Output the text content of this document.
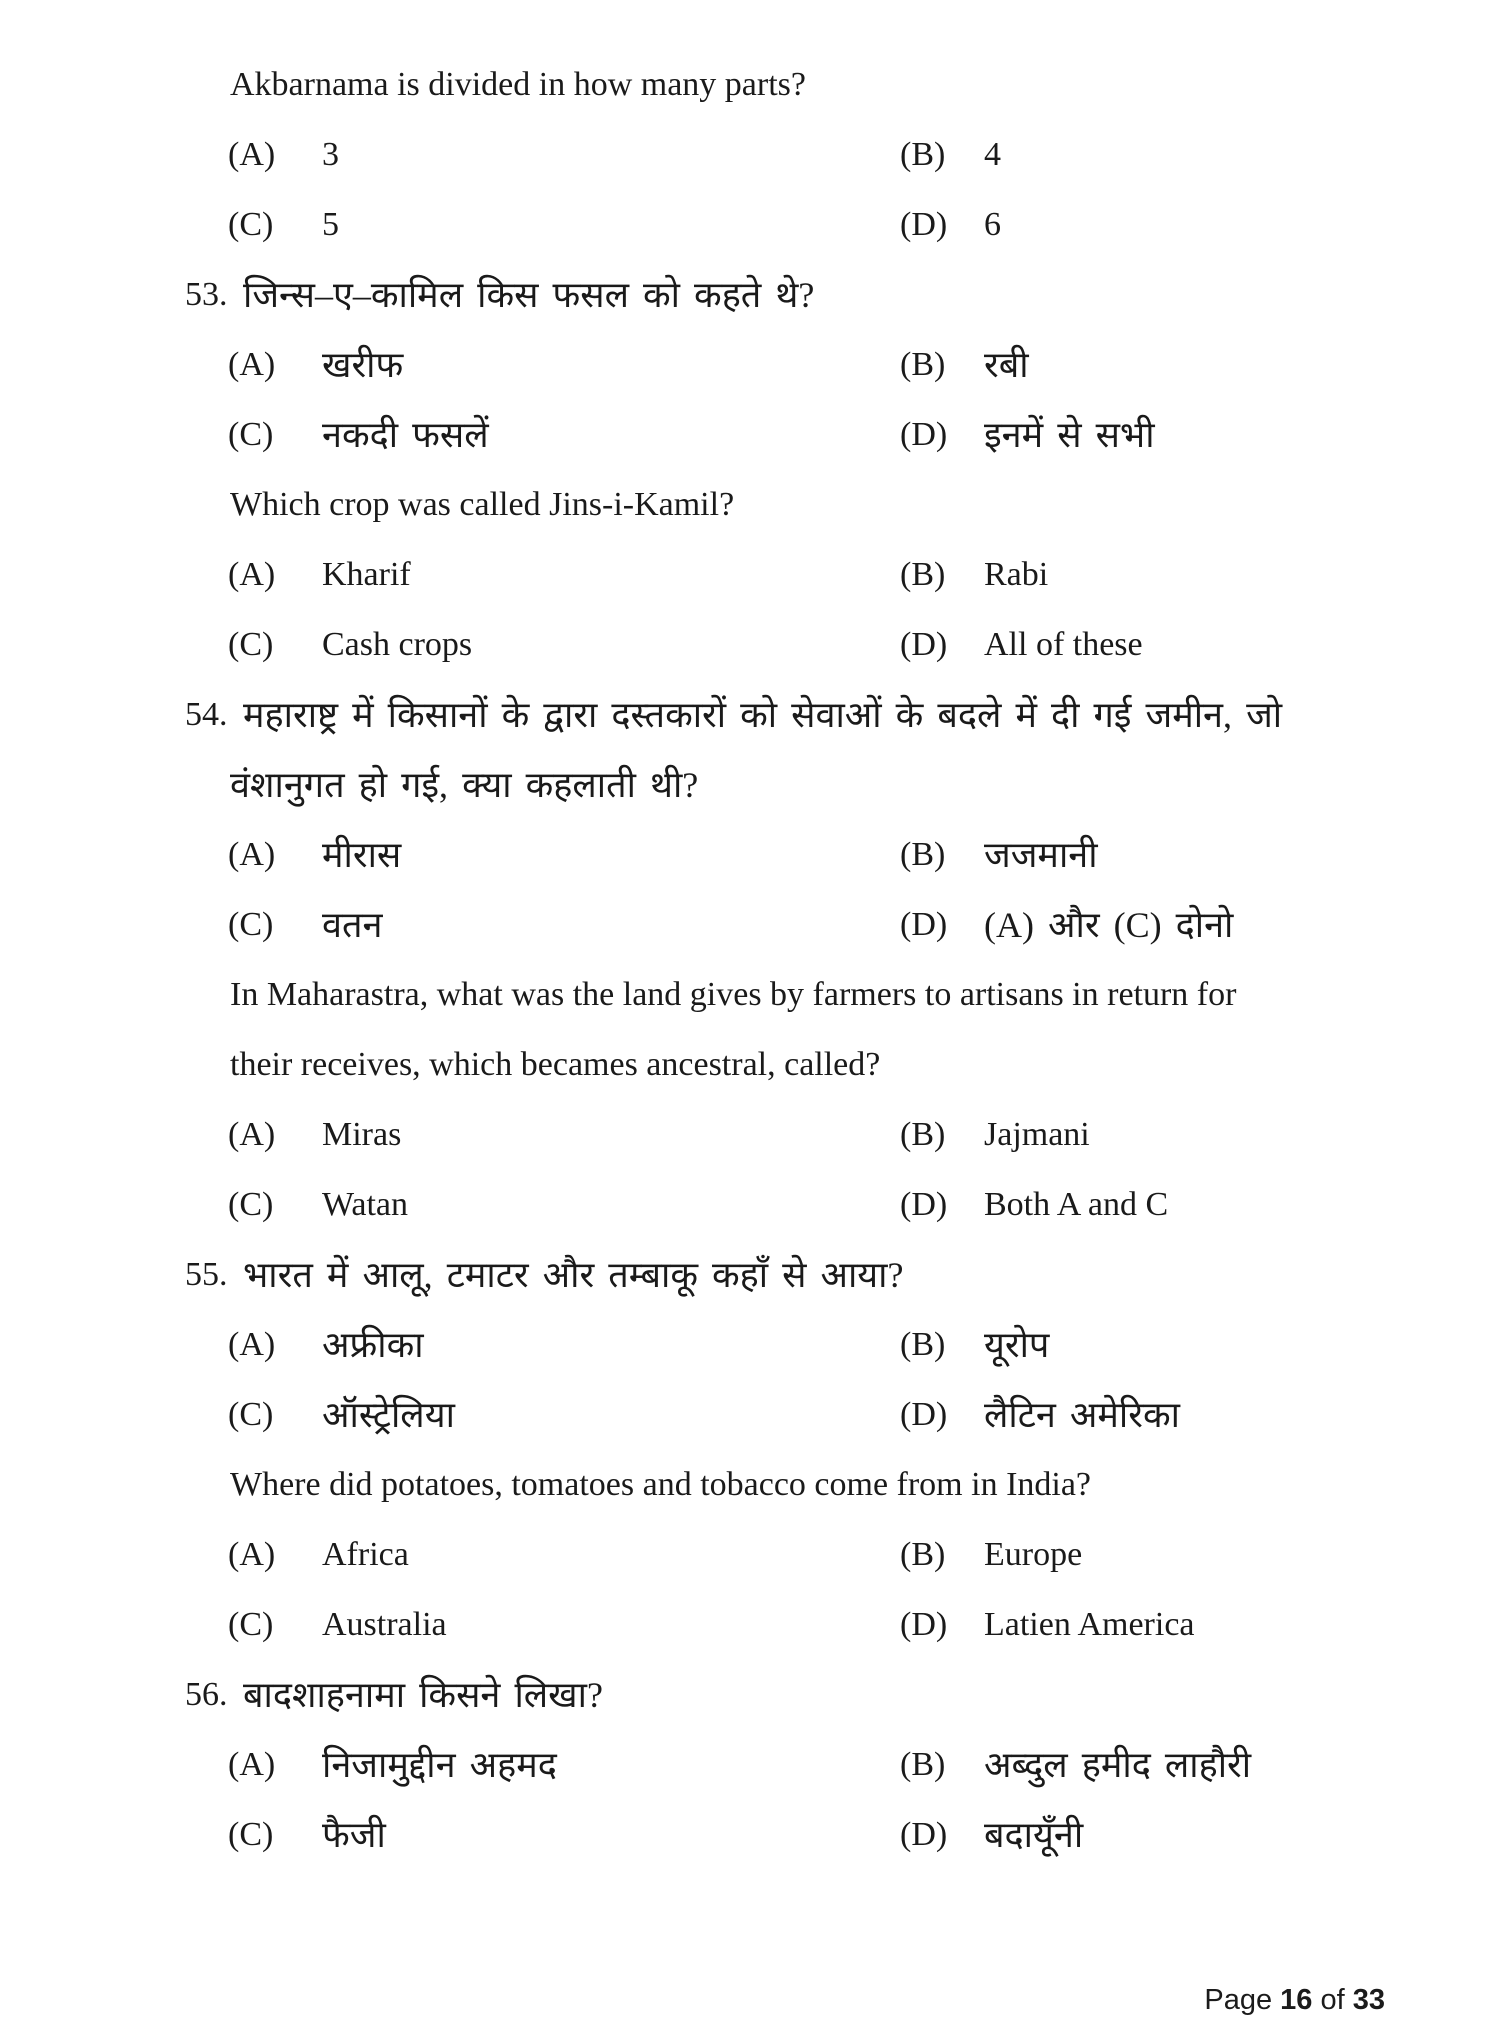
Akbarnama is divided in how many parts?
(A)	3	(B)	4
(C)	5	(D)	6
53. जिन्स–ए–कामिल किस फसल को कहते थे?
(A)	खरीफ	(B)	रबी
(C)	नकदी फसलें	(D)	इनमें से सभी
Which crop was called Jins-i-Kamil?
(A)	Kharif	(B)	Rabi
(C)	Cash crops	(D)	All of these
54. महाराष्ट्र में किसानों के द्वारा दस्तकारों को सेवाओं के बदले में दी गई जमीन, जो
वंशानुगत हो गई, क्या कहलाती थी?
(A)	मीरास	(B)	जजमानी
(C)	वतन	(D)	(A) और (C) दोनो
In Maharastra, what was the land gives by farmers to artisans in return for
their receives, which becames ancestral, called?
(A)	Miras	(B)	Jajmani
(C)	Watan	(D)	Both A and C
55. भारत में आलू, टमाटर और तम्बाकू कहाँ से आया?
(A)	अफ्रीका	(B)	यूरोप
(C)	ऑस्ट्रेलिया	(D)	लैटिन अमेरिका
Where did potatoes, tomatoes and tobacco come from in India?
(A)	Africa	(B)	Europe
(C)	Australia	(D)	Latien America
56. बादशाहनामा किसने लिखा?
(A)	निजामुद्दीन अहमद	(B)	अब्दुल हमीद लाहौरी
(C)	फैजी	(D)	बदायूँनी
Page 16 of 33
